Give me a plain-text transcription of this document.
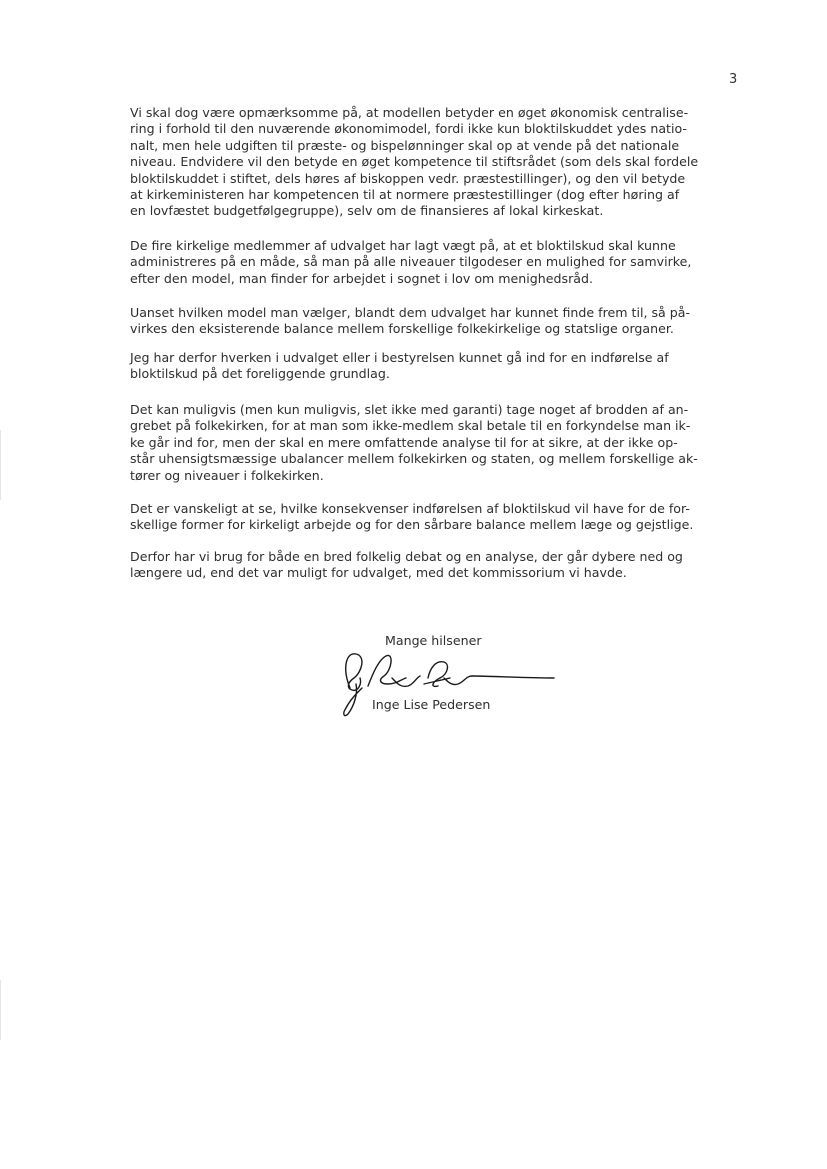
3

Vi skal dog være opmærksomme på, at modellen betyder en øget økonomisk centralise-
ring i forhold til den nuværende økonomimodel, fordi ikke kun bloktilskuddet ydes natio-
nalt, men hele udgiften til præste- og bispelønninger skal op at vende på det nationale
niveau. Endvidere vil den betyde en øget kompetence til stiftsrådet (som dels skal fordele
bloktilskuddet i stiftet, dels høres af biskoppen vedr. præstestillinger), og den vil betyde
at kirkeministeren har kompetencen til at normere præstestillinger (dog efter høring af
en lovfæstet budgetfølgegruppe), selv om de finansieres af lokal kirkeskat.

De fire kirkelige medlemmer af udvalget har lagt vægt på, at et bloktilskud skal kunne
administreres på en måde, så man på alle niveauer tilgodeser en mulighed for samvirke,
efter den model, man finder for arbejdet i sognet i lov om menighedsråd.

Uanset hvilken model man vælger, blandt dem udvalget har kunnet finde frem til, så på-
virkes den eksisterende balance mellem forskellige folkekirkelige og statslige organer.

Jeg har derfor hverken i udvalget eller i bestyrelsen kunnet gå ind for en indførelse af
bloktilskud på det foreliggende grundlag.

Det kan muligvis (men kun muligvis, slet ikke med garanti) tage noget af brodden af an-
grebet på folkekirken, for at man som ikke-medlem skal betale til en forkyndelse man ik-
ke går ind for, men der skal en mere omfattende analyse til for at sikre, at der ikke op-
står uhensigtsmæssige ubalancer mellem folkekirken og staten, og mellem forskellige ak-
tører og niveauer i folkekirken.

Det er vanskeligt at se, hvilke konsekvenser indførelsen af bloktilskud vil have for de for-
skellige former for kirkeligt arbejde og for den sårbare balance mellem læge og gejstlige.

Derfor har vi brug for både en bred folkelig debat og en analyse, der går dybere ned og
længere ud, end det var muligt for udvalget, med det kommissorium vi havde.

Mange hilsener
Inge Lise Pedersen
